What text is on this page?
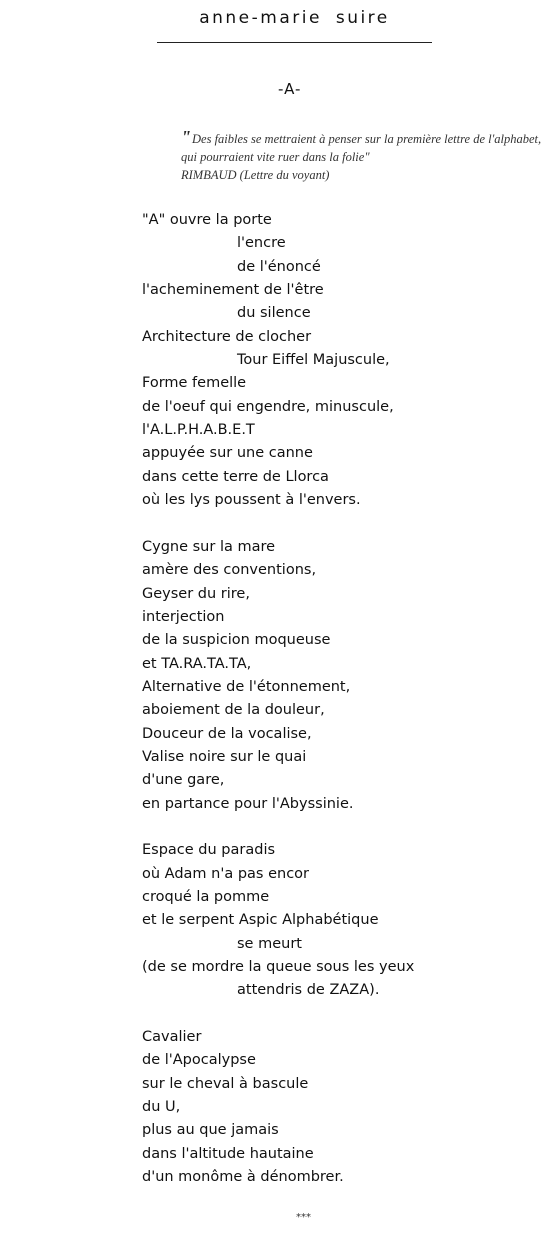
anne-marie suire
-A-
"Des faibles se mettraient à penser sur la première lettre de l'alphabet,
qui pourraient vite ruer dans la folie"
RIMBAUD (Lettre du voyant)
"A" ouvre la porte
l'encre
de l'énoncé
l'acheminement de l'être
du silence
Architecture de clocher
Tour Eiffel Majuscule,
Forme femelle
de l'oeuf qui engendre, minuscule,
l'A.L.P.H.A.B.E.T
appuyée sur une canne
dans cette terre de Llorca
où les lys poussent à l'envers.
Cygne sur la mare
amère des conventions,
Geyser du rire,
interjection
de la suspicion moqueuse
et TA.RA.TA.TA,
Alternative de l'étonnement,
aboiement de la douleur,
Douceur de la vocalise,
Valise noire sur le quai
d'une gare,
en partance pour l'Abyssinie.
Espace du paradis
où Adam n'a pas encor
croqué la pomme
et le serpent Aspic Alphabétique
se meurt
(de se mordre la queue sous les yeux
attendris de ZAZA).
Cavalier
de l'Apocalypse
sur le cheval à bascule
du U,
plus au que jamais
dans l'altitude hautaine
d'un monôme à dénombrer.
***
